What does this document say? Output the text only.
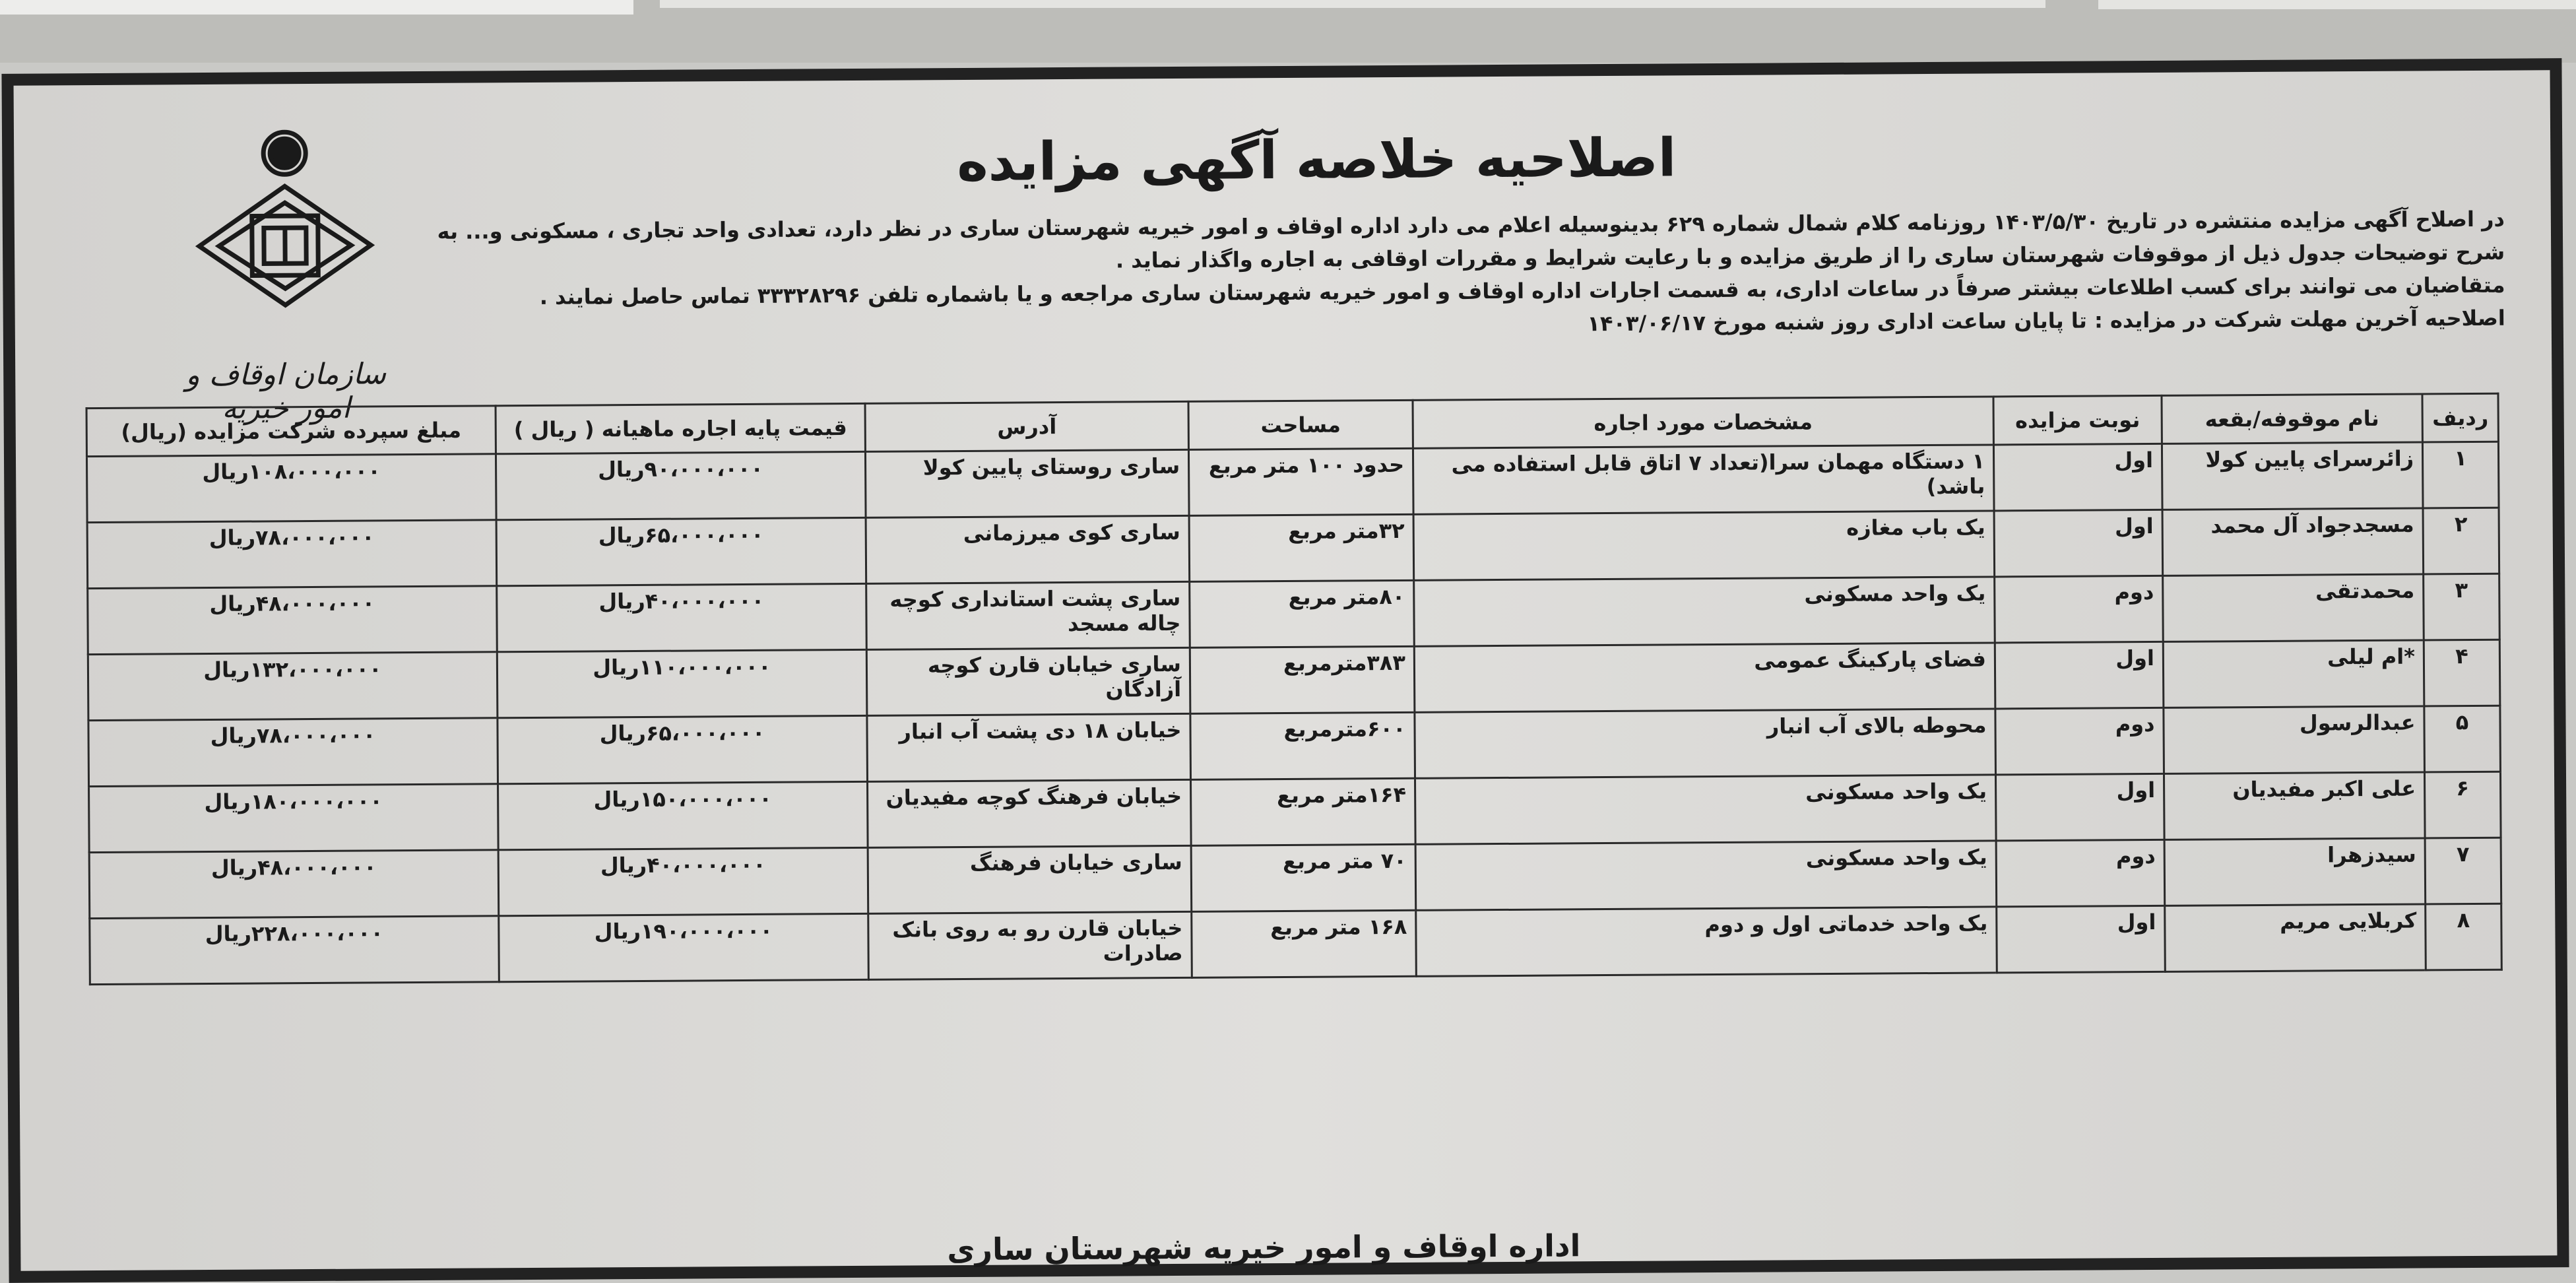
سازمان اوقاف و امور خیریه
اصلاحیه خلاصه آگهی مزایده

در اصلاح آگهی مزایده منتشره در تاریخ ۱۴۰۳/۵/۳۰ روزنامه کلام شمال شماره ۶۲۹ بدینوسیله اعلام می دارد اداره اوقاف و امور خیریه شهرستان ساری در نظر دارد، تعدادی واحد تجاری ، مسکونی و... به شرح توضیحات جدول ذیل از موقوفات شهرستان ساری را از طریق مزایده و با رعایت شرایط و مقررات اوقافی به اجاره واگذار نماید .

متقاضیان می توانند برای کسب اطلاعات بیشتر صرفاً در ساعات اداری، به قسمت اجارات اداره اوقاف و امور خیریه شهرستان ساری مراجعه و یا باشماره تلفن ۳۳۳۲۸۲۹۶ تماس حاصل نمایند .

اصلاحیه آخرین مهلت شرکت در مزایده : تا پایان ساعت اداری روز شنبه مورخ ۱۴۰۳/۰۶/۱۷

ردیف	نام موقوفه/بقعه	نوبت مزایده	مشخصات مورد اجاره	مساحت	آدرس	قیمت پایه اجاره ماهیانه ( ریال )	مبلغ سپرده شرکت مزایده (ریال)
۱	زائرسرای پایین کولا	اول	۱ دستگاه مهمان سرا(تعداد ۷ اتاق قابل استفاده می باشد)	حدود ۱۰۰ متر مربع	ساری روستای پایین کولا	۹۰،۰۰۰،۰۰۰ریال	۱۰۸،۰۰۰،۰۰۰ریال
۲	مسجدجواد آل محمد	اول	یک باب مغازه	۳۲متر مربع	ساری کوی میرزمانی	۶۵،۰۰۰،۰۰۰ریال	۷۸،۰۰۰،۰۰۰ریال
۳	محمدتقی	دوم	یک واحد مسکونی	۸۰متر مربع	ساری پشت استانداری کوچه چاله مسجد	۴۰،۰۰۰،۰۰۰ریال	۴۸،۰۰۰،۰۰۰ریال
۴	*ام لیلی	اول	فضای پارکینگ عمومی	۳۸۳مترمربع	ساری خیابان قارن کوچه آزادگان	۱۱۰،۰۰۰،۰۰۰ریال	۱۳۲،۰۰۰،۰۰۰ریال
۵	عبدالرسول	دوم	محوطه بالای آب انبار	۶۰۰مترمربع	خیابان ۱۸ دی پشت آب انبار	۶۵،۰۰۰،۰۰۰ریال	۷۸،۰۰۰،۰۰۰ریال
۶	علی اکبر مفیدیان	اول	یک واحد مسکونی	۱۶۴متر مربع	خیابان فرهنگ کوچه مفیدیان	۱۵۰،۰۰۰،۰۰۰ریال	۱۸۰،۰۰۰،۰۰۰ریال
۷	سیدزهرا	دوم	یک واحد مسکونی	۷۰ متر مربع	ساری خیابان فرهنگ	۴۰،۰۰۰،۰۰۰ریال	۴۸،۰۰۰،۰۰۰ریال
۸	کربلایی مریم	اول	یک واحد خدماتی اول و دوم	۱۶۸ متر مربع	خیابان قارن رو به روی بانک صادرات	۱۹۰،۰۰۰،۰۰۰ریال	۲۲۸،۰۰۰،۰۰۰ریال
اداره اوقاف و امور خیریه شهرستان ساری
